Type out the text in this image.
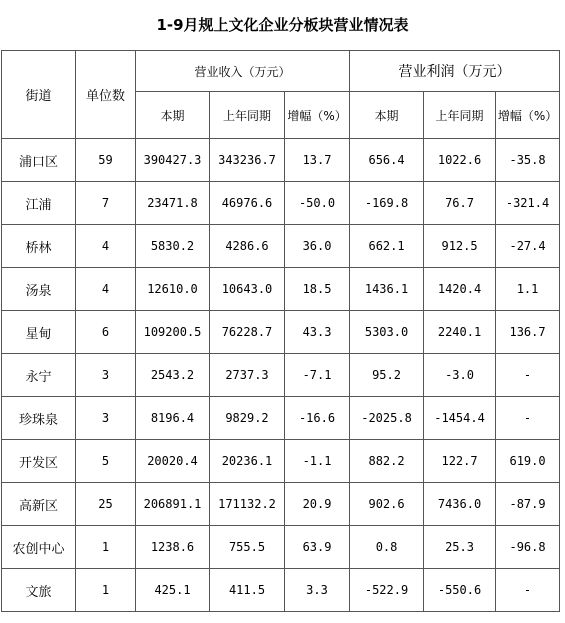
1-9月规上文化企业分板块营业情况表
街道	单位数	营业收入（万元）			营业利润（万元）		
		本期	上年同期	增幅（%）	本期	上年同期	增幅（%）
浦口区	59	390427.3	343236.7	13.7	656.4	1022.6	-35.8
江浦	7	23471.8	46976.6	-50.0	-169.8	76.7	-321.4
桥林	4	5830.2	4286.6	36.0	662.1	912.5	-27.4
汤泉	4	12610.0	10643.0	18.5	1436.1	1420.4	1.1
星甸	6	109200.5	76228.7	43.3	5303.0	2240.1	136.7
永宁	3	2543.2	2737.3	-7.1	95.2	-3.0	-
珍珠泉	3	8196.4	9829.2	-16.6	-2025.8	-1454.4	-
开发区	5	20020.4	20236.1	-1.1	882.2	122.7	619.0
高新区	25	206891.1	171132.2	20.9	902.6	7436.0	-87.9
农创中心	1	1238.6	755.5	63.9	0.8	25.3	-96.8
文旅	1	425.1	411.5	3.3	-522.9	-550.6	-
